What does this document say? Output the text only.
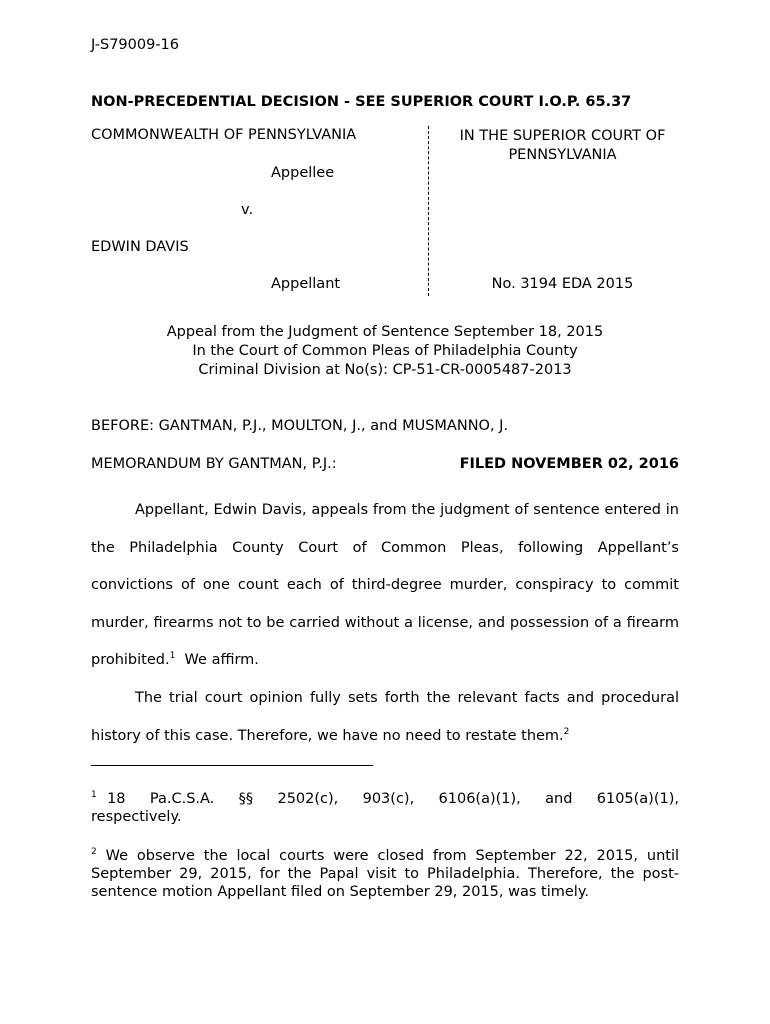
J-S79009-16
NON-PRECEDENTIAL DECISION - SEE SUPERIOR COURT I.O.P. 65.37
COMMONWEALTH OF PENNSYLVANIA
Appellee
v.
EDWIN DAVIS
Appellant
IN THE SUPERIOR COURT OF PENNSYLVANIA
No. 3194 EDA 2015
Appeal from the Judgment of Sentence September 18, 2015
In the Court of Common Pleas of Philadelphia County
Criminal Division at No(s): CP-51-CR-0005487-2013
BEFORE: GANTMAN, P.J., MOULTON, J., and MUSMANNO, J.
MEMORANDUM BY GANTMAN, P.J.:	FILED NOVEMBER 02, 2016

Appellant, Edwin Davis, appeals from the judgment of sentence entered in the Philadelphia County Court of Common Pleas, following Appellant’s convictions of one count each of third-degree murder, conspiracy to commit murder, firearms not to be carried without a license, and possession of a firearm prohibited.$^1$  We affirm.

The trial court opinion fully sets forth the relevant facts and procedural history of this case. Therefore, we have no need to restate them.$^2$

$^1$ 18 Pa.C.S.A. §§ 2502(c), 903(c), 6106(a)(1), and 6105(a)(1), respectively.
$^2$ We observe the local courts were closed from September 22, 2015, until September 29, 2015, for the Papal visit to Philadelphia. Therefore, the post-sentence motion Appellant filed on September 29, 2015, was timely.
